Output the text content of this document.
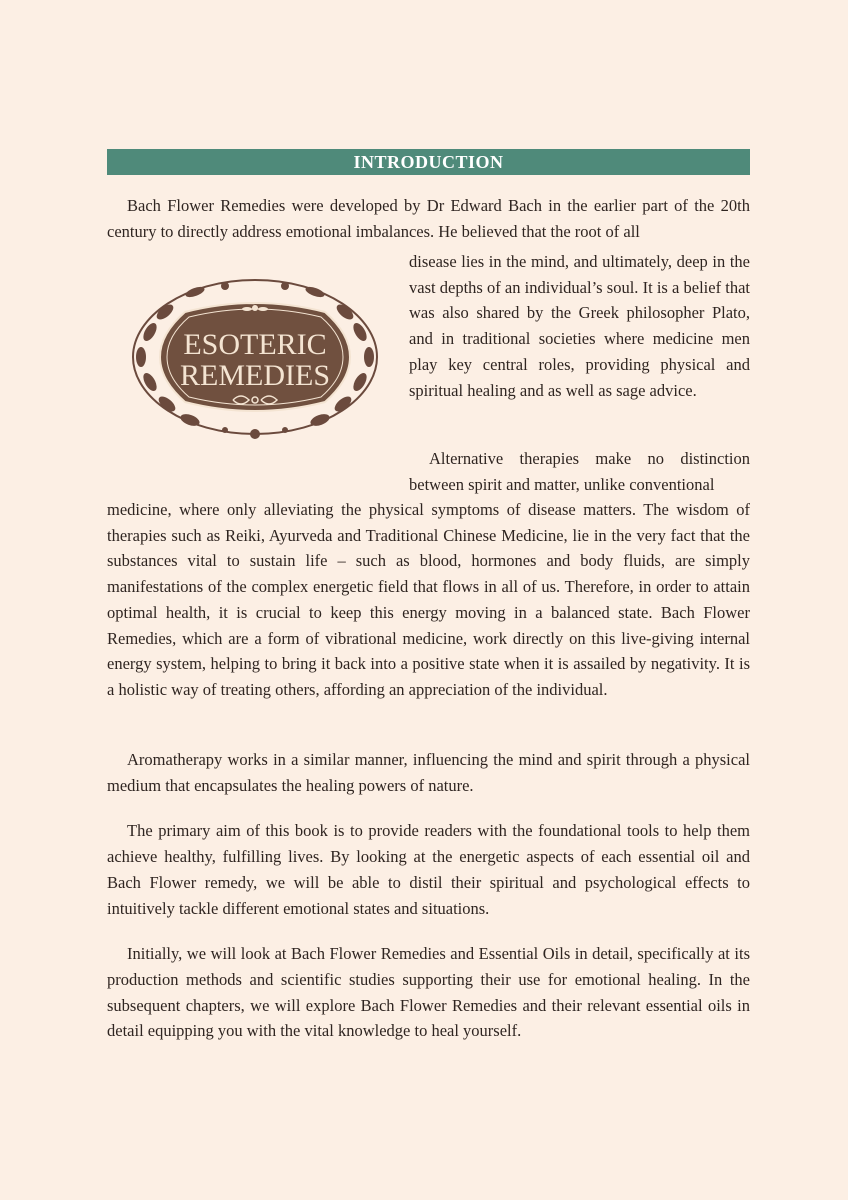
INTRODUCTION

Bach Flower Remedies were developed by Dr Edward Bach in the earlier part of the 20th century to directly address emotional imbalances. He believed that the root of all

ESOTERIC
REMEDIES
disease lies in the mind, and ultimately, deep in the vast depths of an individual’s soul. It is a belief that was also shared by the Greek philosopher Plato, and in traditional societies where medicine men play key central roles, providing physical and spiritual healing and as well as sage advice.
Alternative therapies make no distinction between spirit and matter, unlike conventional
medicine, where only alleviating the physical symptoms of disease matters. The wisdom of therapies such as Reiki, Ayurveda and Traditional Chinese Medicine, lie in the very fact that the substances vital to sustain life – such as blood, hormones and body fluids, are simply manifestations of the complex energetic field that flows in all of us. Therefore, in order to attain optimal health, it is crucial to keep this energy moving in a balanced state. Bach Flower Remedies, which are a form of vibrational medicine, work directly on this live-giving internal energy system, helping to bring it back into a positive state when it is assailed by negativity. It is a holistic way of treating others, affording an appreciation of the individual.

Aromatherapy works in a similar manner, influencing the mind and spirit through a physical medium that encapsulates the healing powers of nature.

The primary aim of this book is to provide readers with the foundational tools to help them achieve healthy, fulfilling lives. By looking at the energetic aspects of each essential oil and Bach Flower remedy, we will be able to distil their spiritual and psychological effects to intuitively tackle different emotional states and situations.

Initially, we will look at Bach Flower Remedies and Essential Oils in detail, specifically at its production methods and scientific studies supporting their use for emotional healing. In the subsequent chapters, we will explore Bach Flower Remedies and their relevant essential oils in detail equipping you with the vital knowledge to heal yourself.
